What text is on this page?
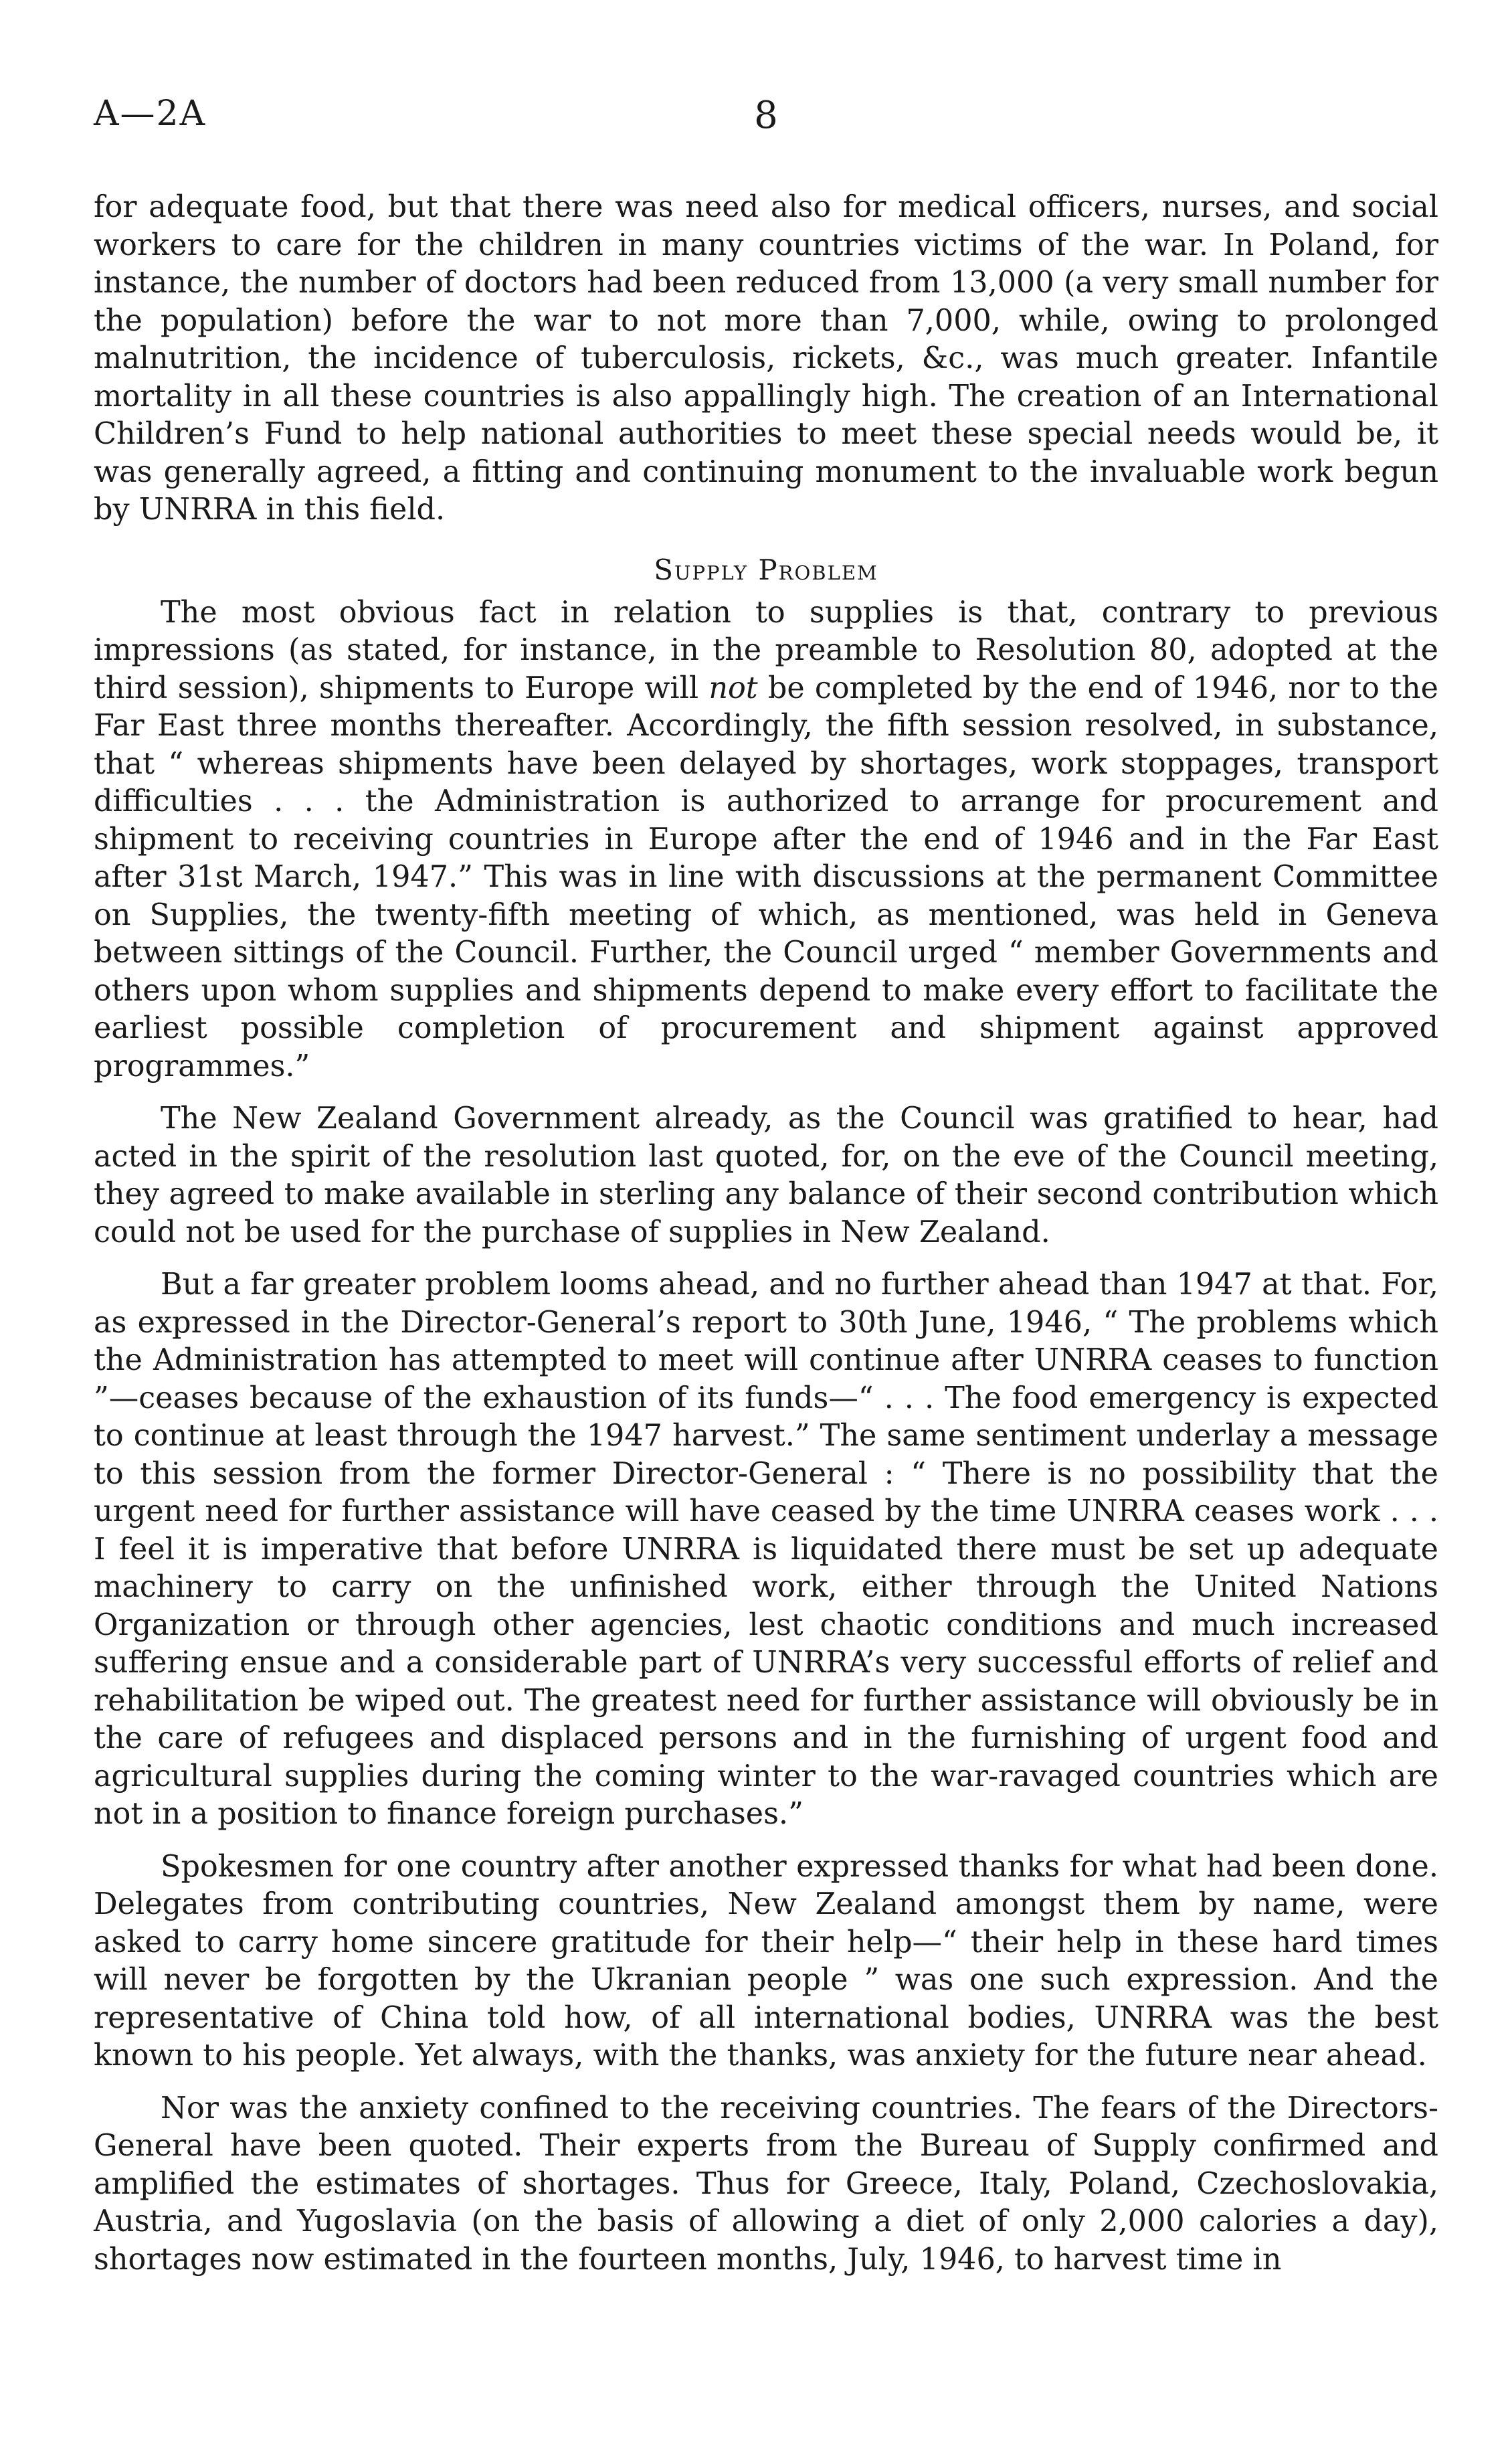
A—2A	8

for adequate food, but that there was need also for medical officers, nurses, and social workers to care for the children in many countries victims of the war. In Poland, for instance, the number of doctors had been reduced from 13,000 (a very small number for the population) before the war to not more than 7,000, while, owing to prolonged malnutrition, the incidence of tuberculosis, rickets, &c., was much greater. Infantile mortality in all these countries is also appallingly high. The creation of an International Children’s Fund to help national authorities to meet these special needs would be, it was generally agreed, a fitting and continuing monument to the invaluable work begun by UNRRA in this field.

Supply Problem

The most obvious fact in relation to supplies is that, contrary to previous impressions (as stated, for instance, in the preamble to Resolution 80, adopted at the third session), shipments to Europe will not be completed by the end of 1946, nor to the Far East three months thereafter. Accordingly, the fifth session resolved, in substance, that “ whereas shipments have been delayed by shortages, work stoppages, transport difficulties . . . the Administration is authorized to arrange for procurement and shipment to receiving countries in Europe after the end of 1946 and in the Far East after 31st March, 1947.” This was in line with discussions at the permanent Committee on Supplies, the twenty-fifth meeting of which, as mentioned, was held in Geneva between sittings of the Council. Further, the Council urged “ member Governments and others upon whom supplies and shipments depend to make every effort to facilitate the earliest possible completion of procurement and shipment against approved programmes.”

The New Zealand Government already, as the Council was gratified to hear, had acted in the spirit of the resolution last quoted, for, on the eve of the Council meeting, they agreed to make available in sterling any balance of their second contribution which could not be used for the purchase of supplies in New Zealand.

But a far greater problem looms ahead, and no further ahead than 1947 at that. For, as expressed in the Director-General’s report to 30th June, 1946, “ The problems which the Administration has attempted to meet will continue after UNRRA ceases to function ”—ceases because of the exhaustion of its funds—“ . . . The food emergency is expected to continue at least through the 1947 harvest.” The same sentiment underlay a message to this session from the former Director-General : “ There is no possibility that the urgent need for further assistance will have ceased by the time UNRRA ceases work . . . I feel it is imperative that before UNRRA is liquidated there must be set up adequate machinery to carry on the unfinished work, either through the United Nations Organization or through other agencies, lest chaotic conditions and much increased suffering ensue and a considerable part of UNRRA’s very successful efforts of relief and rehabilitation be wiped out. The greatest need for further assistance will obviously be in the care of refugees and displaced persons and in the furnishing of urgent food and agricultural supplies during the coming winter to the war-ravaged countries which are not in a position to finance foreign purchases.”

Spokesmen for one country after another expressed thanks for what had been done. Delegates from contributing countries, New Zealand amongst them by name, were asked to carry home sincere gratitude for their help—“ their help in these hard times will never be forgotten by the Ukranian people ” was one such expression. And the representative of China told how, of all international bodies, UNRRA was the best known to his people. Yet always, with the thanks, was anxiety for the future near ahead.

Nor was the anxiety confined to the receiving countries. The fears of the Directors-General have been quoted. Their experts from the Bureau of Supply confirmed and amplified the estimates of shortages. Thus for Greece, Italy, Poland, Czechoslovakia, Austria, and Yugoslavia (on the basis of allowing a diet of only 2,000 calories a day), shortages now estimated in the fourteen months, July, 1946, to harvest time in
